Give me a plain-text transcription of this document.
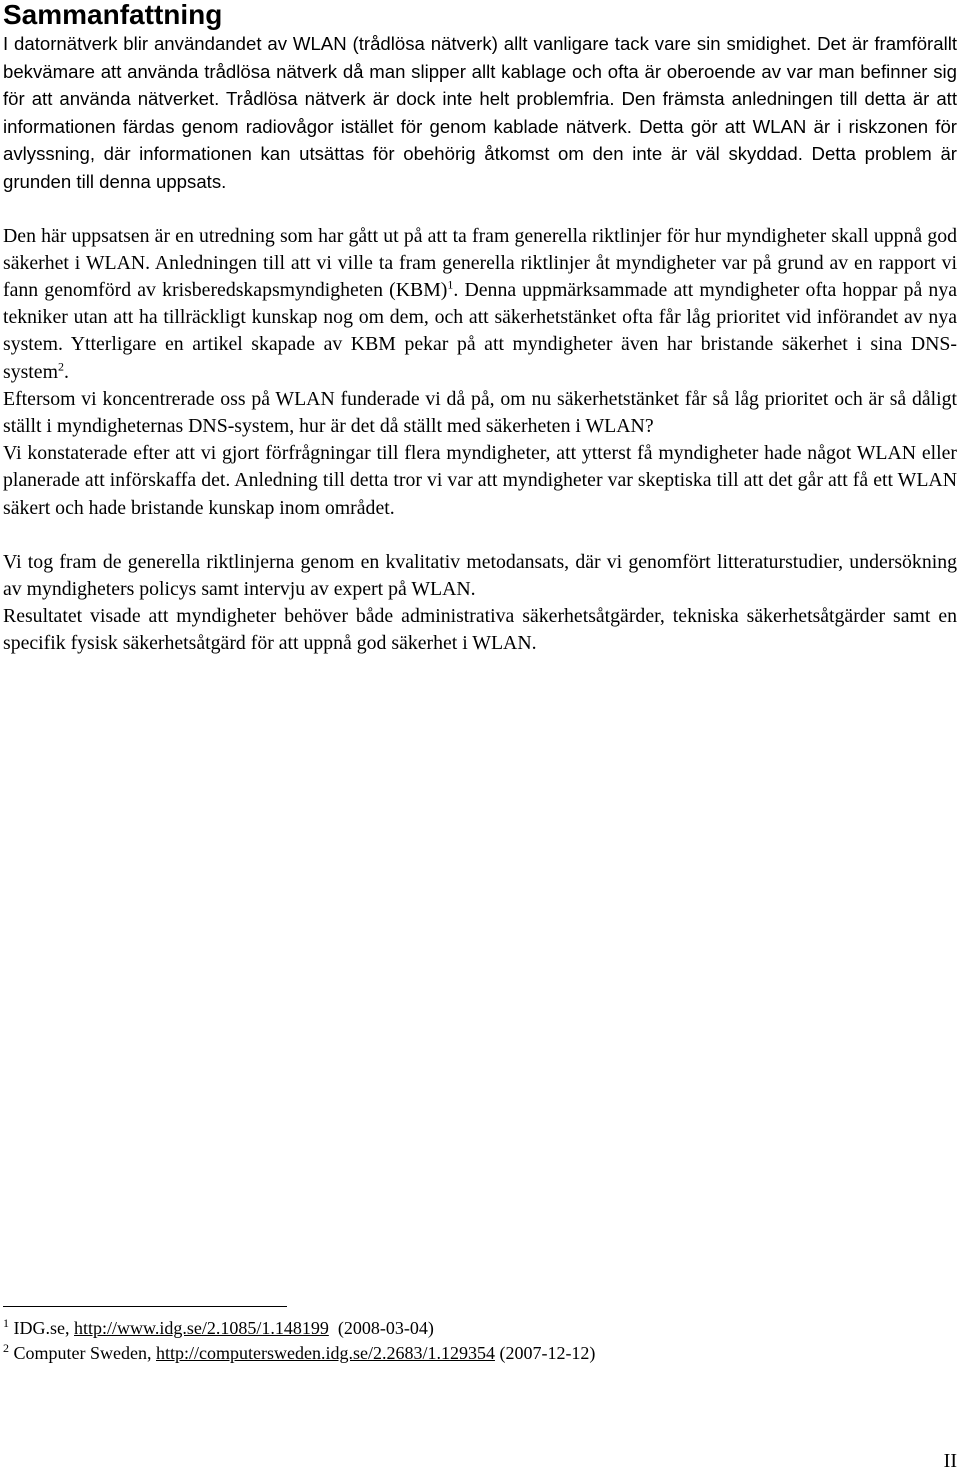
Sammanfattning

I datornätverk blir användandet av WLAN (trådlösa nätverk) allt vanligare tack vare sin smidighet. Det är framförallt bekvämare att använda trådlösa nätverk då man slipper allt kablage och ofta är oberoende av var man befinner sig för att använda nätverket. Trådlösa nätverk är dock inte helt problemfria. Den främsta anledningen till detta är att informationen färdas genom radiovågor istället för genom kablade nätverk. Detta gör att WLAN är i riskzonen för avlyssning, där informationen kan utsättas för obehörig åtkomst om den inte är väl skyddad. Detta problem är grunden till denna uppsats.

Den här uppsatsen är en utredning som har gått ut på att ta fram generella riktlinjer för hur myndigheter skall uppnå god säkerhet i WLAN. Anledningen till att vi ville ta fram generella riktlinjer åt myndigheter var på grund av en rapport vi fann genomförd av krisberedskapsmyndigheten (KBM)$^1$. Denna uppmärksammade att myndigheter ofta hoppar på nya tekniker utan att ha tillräckligt kunskap nog om dem, och att säkerhetstänket ofta får låg prioritet vid införandet av nya system. Ytterligare en artikel skapade av KBM pekar på att myndigheter även har bristande säkerhet i sina DNS-system$^2$.

Eftersom vi koncentrerade oss på WLAN funderade vi då på, om nu säkerhetstänket får så låg prioritet och är så dåligt ställt i myndigheternas DNS-system, hur är det då ställt med säkerheten i WLAN?

Vi konstaterade efter att vi gjort förfrågningar till flera myndigheter, att ytterst få myndigheter hade något WLAN eller planerade att införskaffa det. Anledning till detta tror vi var att myndigheter var skeptiska till att det går att få ett WLAN säkert och hade bristande kunskap inom området.

Vi tog fram de generella riktlinjerna genom en kvalitativ metodansats, där vi genomfört litteraturstudier, undersökning av myndigheters policys samt intervju av expert på WLAN.

Resultatet visade att myndigheter behöver både administrativa säkerhetsåtgärder, tekniska säkerhetsåtgärder samt en specifik fysisk säkerhetsåtgärd för att uppnå god säkerhet i WLAN.

$^1$ IDG.se, http://www.idg.se/2.1085/1.148199  (2008-03-04)
$^2$ Computer Sweden, http://computersweden.idg.se/2.2683/1.129354 (2007-12-12)
II
